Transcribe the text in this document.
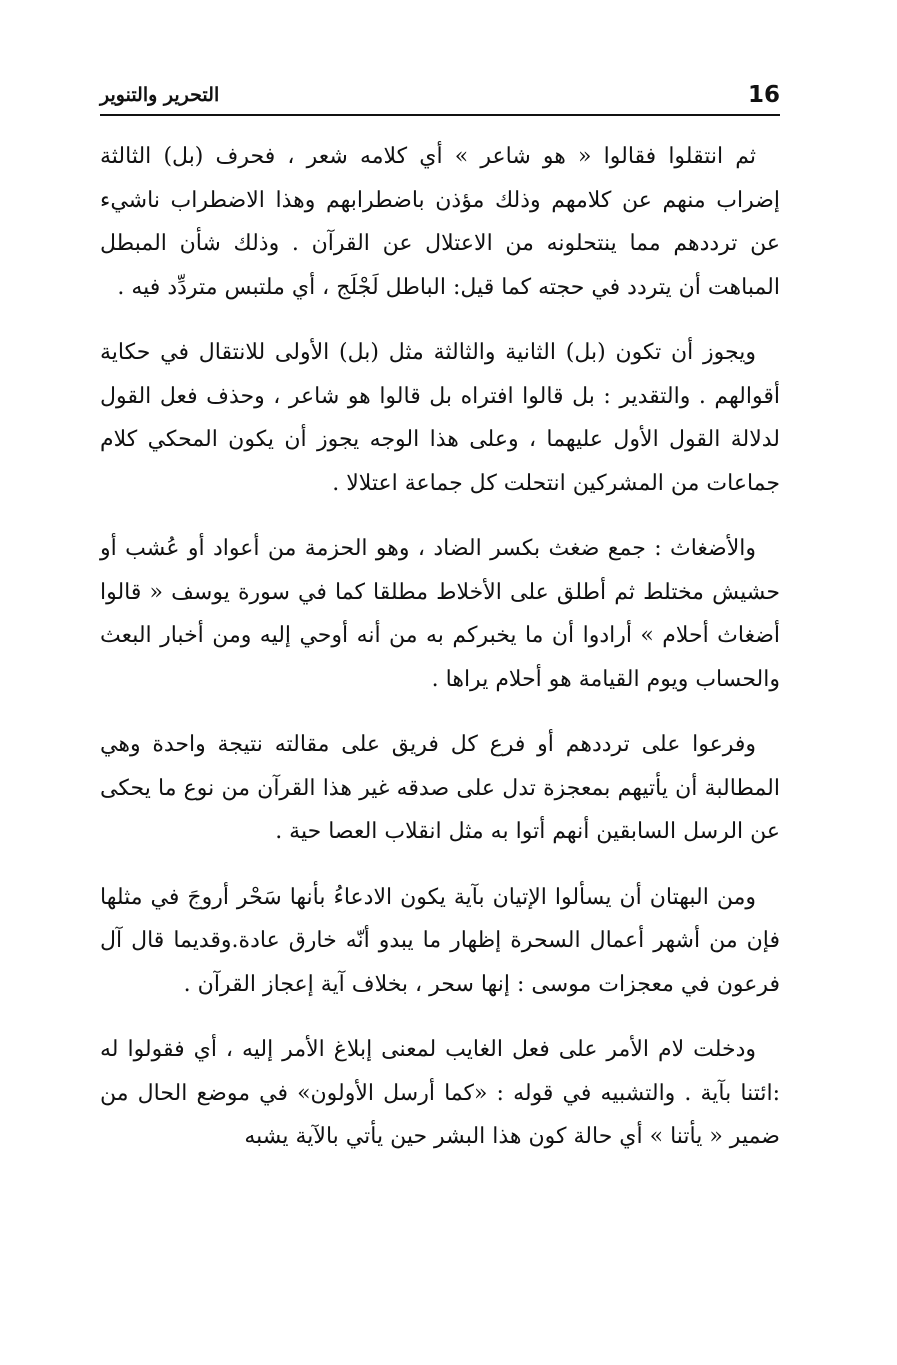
16
التحرير والتنوير

ثم انتقلوا فقالوا « هو شاعر » أي كلامه شعر ، فحرف (بل) الثالثة إضراب منهم عن كلامهم وذلك مؤذن باضطرابهم وهذا الاضطراب ناشيء عن ترددهم مما ينتحلونه من الاعتلال عن القرآن . وذلك شأن المبطل المباهت أن يتردد في حجته كما قيل: الباطل لَجْلَج ، أي ملتبس متردِّد فيه .

ويجوز أن تكون (بل) الثانية والثالثة مثل (بل) الأولى للانتقال في حكاية أقوالهم . والتقدير : بل قالوا افتراه بل قالوا هو شاعر ، وحذف فعل القول لدلالة القول الأول عليهما ، وعلى هذا الوجه يجوز أن يكون المحكي كلام جماعات من المشركين انتحلت كل جماعة اعتلالا .

والأضغاث : جمع ضغث بكسر الضاد ، وهو الحزمة من أعواد أو عُشب أو حشيش مختلط ثم أطلق على الأخلاط مطلقا كما في سورة يوسف « قالوا أضغاث أحلام » أرادوا أن ما يخبركم به من أنه أوحي إليه ومن أخبار البعث والحساب ويوم القيامة هو أحلام يراها .

وفرعوا على ترددهم أو فرع كل فريق على مقالته نتيجة واحدة وهي المطالبة أن يأتيهم بمعجزة تدل على صدقه غير هذا القرآن من نوع ما يحكى عن الرسل السابقين أنهم أتوا به مثل انقلاب العصا حية .

ومن البهتان أن يسألوا الإتيان بآية يكون الادعاءُ بأنها سَحْر أروجَ في مثلها فإن من أشهر أعمال السحرة إظهار ما يبدو أنّه خارق عادة.وقديما قال آل فرعون في معجزات موسى : إنها سحر ، بخلاف آية إعجاز القرآن .

ودخلت لام الأمر على فعل الغايب لمعنى إبلاغ الأمر إليه ، أي فقولوا له :ائتنا بآية . والتشبيه في قوله : «كما أرسل الأولون» في موضع الحال من ضمير « يأتنا » أي حالة كون هذا البشر حين يأتي بالآية يشبه
